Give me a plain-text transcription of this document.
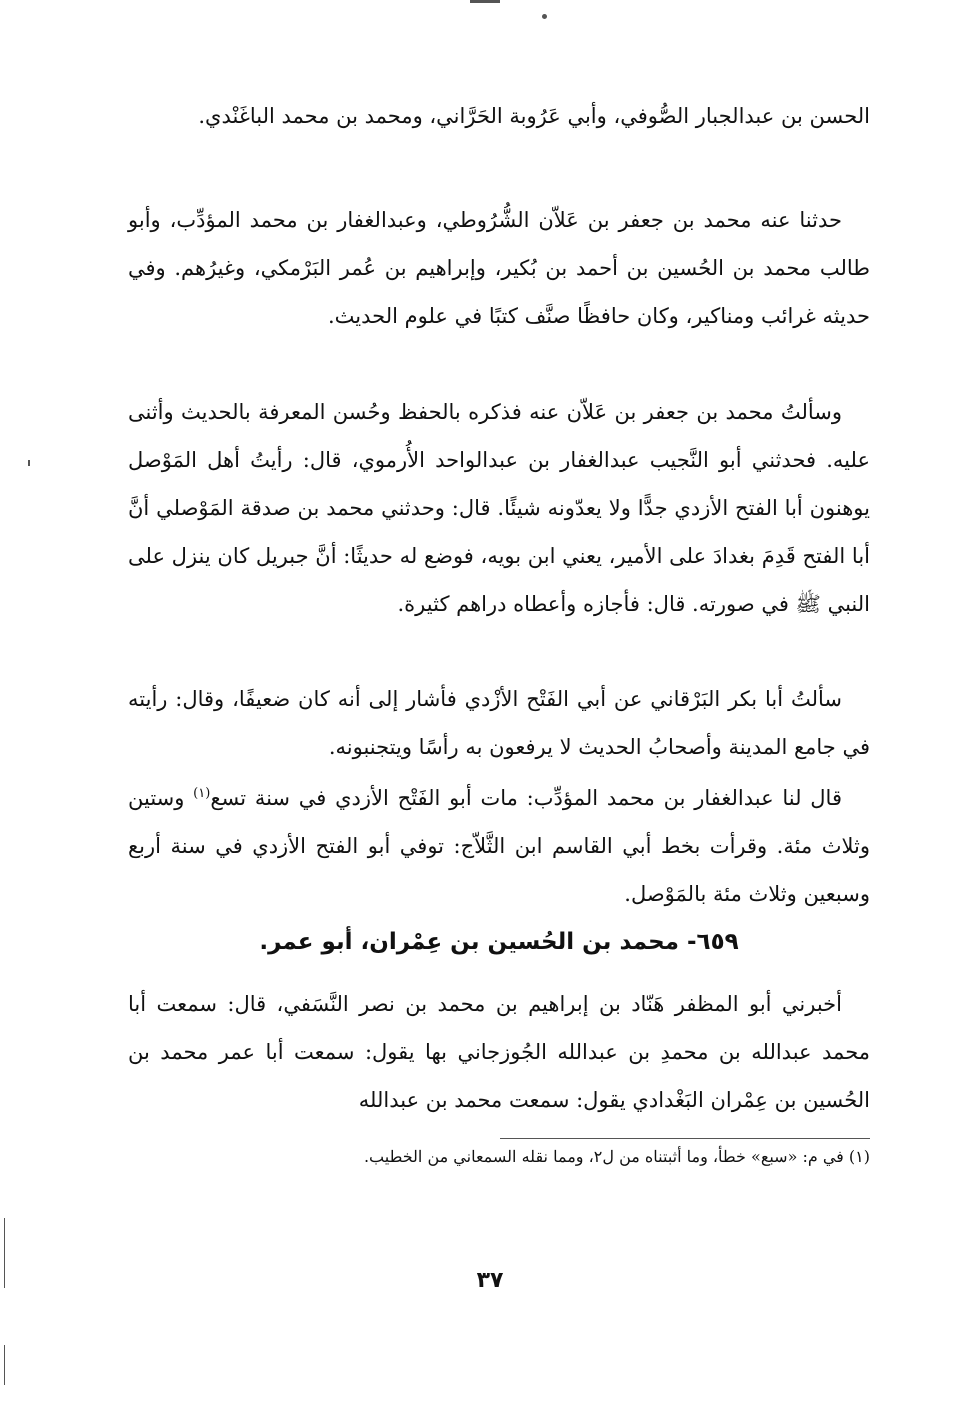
الحسن بن عبدالجبار الصُّوفي، وأبي عَرُوبة الحَرَّاني، ومحمد بن محمد الباغَنْدي.

حدثنا عنه محمد بن جعفر بن عَلاّن الشُّرُوطي، وعبدالغفار بن محمد المؤدِّب، وأبو طالب محمد بن الحُسين بن أحمد بن بُكير، وإبراهيم بن عُمر البَرْمكي، وغيرُهم. وفي حديثه غرائب ومناكير، وكان حافظًا صنَّف كتبًا في علوم الحديث.

وسألتُ محمد بن جعفر بن عَلاّن عنه فذكره بالحفظ وحُسن المعرفة بالحديث وأثنى عليه. فحدثني أبو النَّجيب عبدالغفار بن عبدالواحد الأُرموي، قال: رأيتُ أهل المَوْصل يوهنون أبا الفتح الأزدي جدًّا ولا يعدّونه شيئًا. قال: وحدثني محمد بن صدقة المَوْصلي أنَّ أبا الفتح قَدِمَ بغدادَ على الأمير، يعني ابن بويه، فوضع له حديثًا: أنَّ جبريل كان ينزل على النبي ﷺ في صورته. قال: فأجازه وأعطاه دراهم كثيرة.

سألتُ أبا بكر البَرْقاني عن أبي الفَتْح الأزْدي فأشار إلى أنه كان ضعيفًا، وقال: رأيته في جامع المدينة وأصحابُ الحديث لا يرفعون به رأسًا ويتجنبونه.

قال لنا عبدالغفار بن محمد المؤدِّب: مات أبو الفَتْح الأزدي في سنة تسع$^{(١)}$ وستين وثلاث مئة. وقرأت بخط أبي القاسم ابن الثَّلاّج: توفي أبو الفتح الأزدي في سنة أربع وسبعين وثلاث مئة بالمَوْصل.

٦٥٩- محمد بن الحُسين بن عِمْران، أبو عمر.

أخبرني أبو المظفر هَنّاد بن إبراهيم بن محمد بن نصر النَّسَفي، قال: سمعت أبا محمد عبدالله بن محمدِ بن عبدالله الجُوزجاني بها يقول: سمعت أبا عمر محمد بن الحُسين بن عِمْران البَغْدادي يقول: سمعت محمد بن عبدالله

(١) في م: «سبع» خطأ، وما أثبتناه من ل٢، ومما نقله السمعاني من الخطيب.
٣٧
